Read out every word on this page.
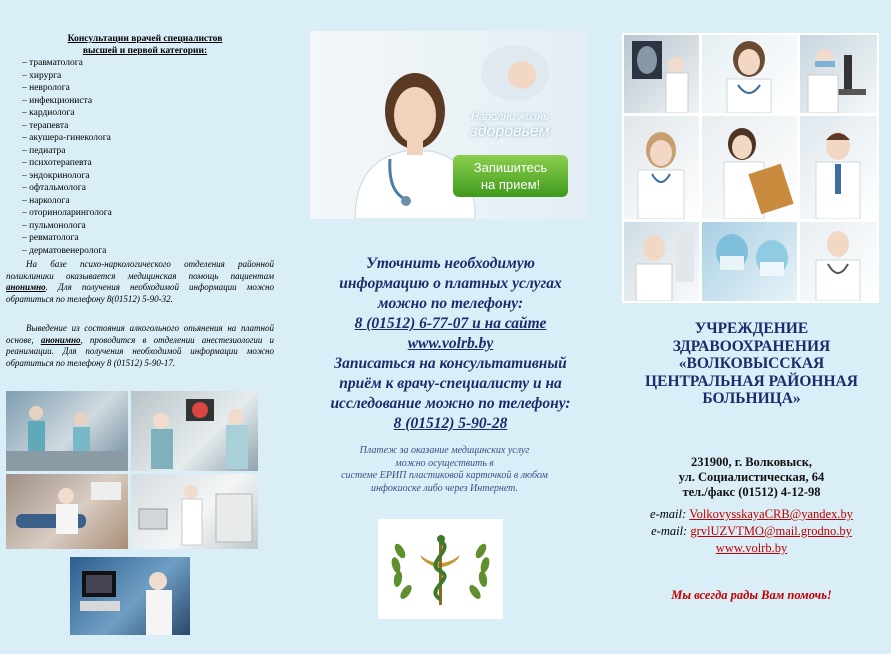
Консультации врачей специалистов
высшей и первой категории:
– травматолога
– хирурга
– невролога
– инфекциониста
– кардиолога
– терапевта
– акушера-гинеколога
– педиатра
– психотерапевта
– эндокринолога
– офтальмолога
– нарколога
– оториноларинголога
– пульмонолога
– ревматолога
– дерматовенеролога
На базе психо-наркологического отделения районной поликлиники оказывается медицинская помощь пациентам анонимно. Для получения необходимой информации можно обратиться по телефону 8(01512) 5-90-32.
Выведение из состояния алкогольного опьянения на платной основе, анонимно, проводится в отделении анестезиологии и реанимации. Для получения необходимой информации можно обратиться по телефону 8 (01512) 5-90-17.
Наполни жизнь
здоровьем
Запишитесь
на прием!
Уточнить необходимую
информацию о платных услугах
можно по телефону:
8 (01512) 6-77-07 и на сайте
www.volrb.by
Записаться на консультативный
приём к врачу-специалисту и на
исследование можно по телефону:
8 (01512) 5-90-28
Платеж за оказание медицинских услуг
можно осуществить в
системе ЕРИП пластиковой карточкой в любом
инфокиоске либо через Интернет.
УЧРЕЖДЕНИЕ
ЗДРАВООХРАНЕНИЯ
«ВОЛКОВЫССКАЯ
ЦЕНТРАЛЬНАЯ РАЙОННАЯ
БОЛЬНИЦА»
231900, г. Волковыск,
ул. Социалистическая, 64
тел./факс (01512) 4-12-98
e-mail: VolkovysskayaCRB@yandex.by
e-mail: grvlUZVTMO@mail.grodno.by
www.volrb.by
Мы всегда рады Вам помочь!
